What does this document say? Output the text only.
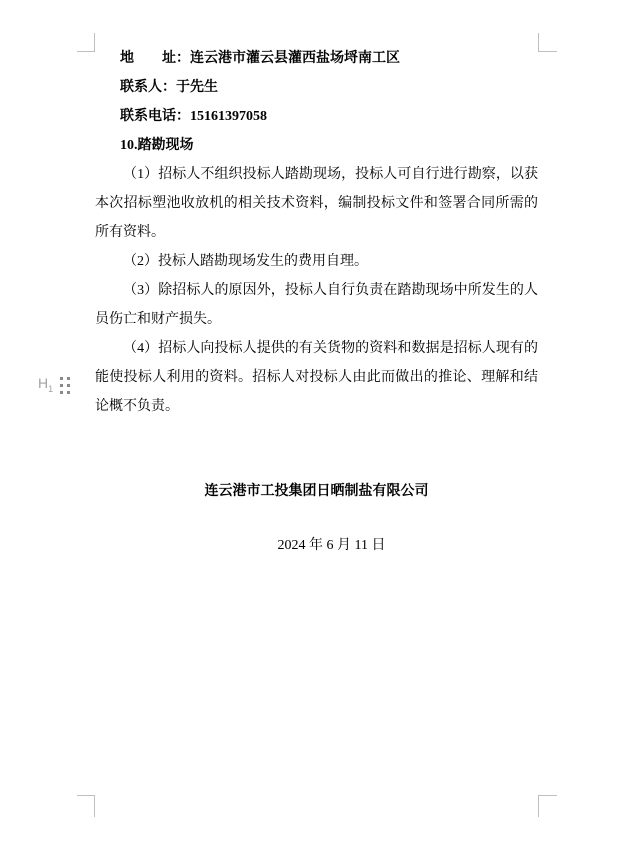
$H_1$

地　　址：连云港市灌云县灌西盐场埒南工区

联系人：于先生

联系电话：15161397058

10.踏勘现场

（1）招标人不组织投标人踏勘现场，投标人可自行进行勘察，以获本次招标塑池收放机的相关技术资料，编制投标文件和签署合同所需的所有资料。

（2）投标人踏勘现场发生的费用自理。

（3）除招标人的原因外，投标人自行负责在踏勘现场中所发生的人员伤亡和财产损失。

（4）招标人向投标人提供的有关货物的资料和数据是招标人现有的能使投标人利用的资料。招标人对投标人由此而做出的推论、理解和结论概不负责。

连云港市工投集团日晒制盐有限公司

2024 年 6 月 11 日
